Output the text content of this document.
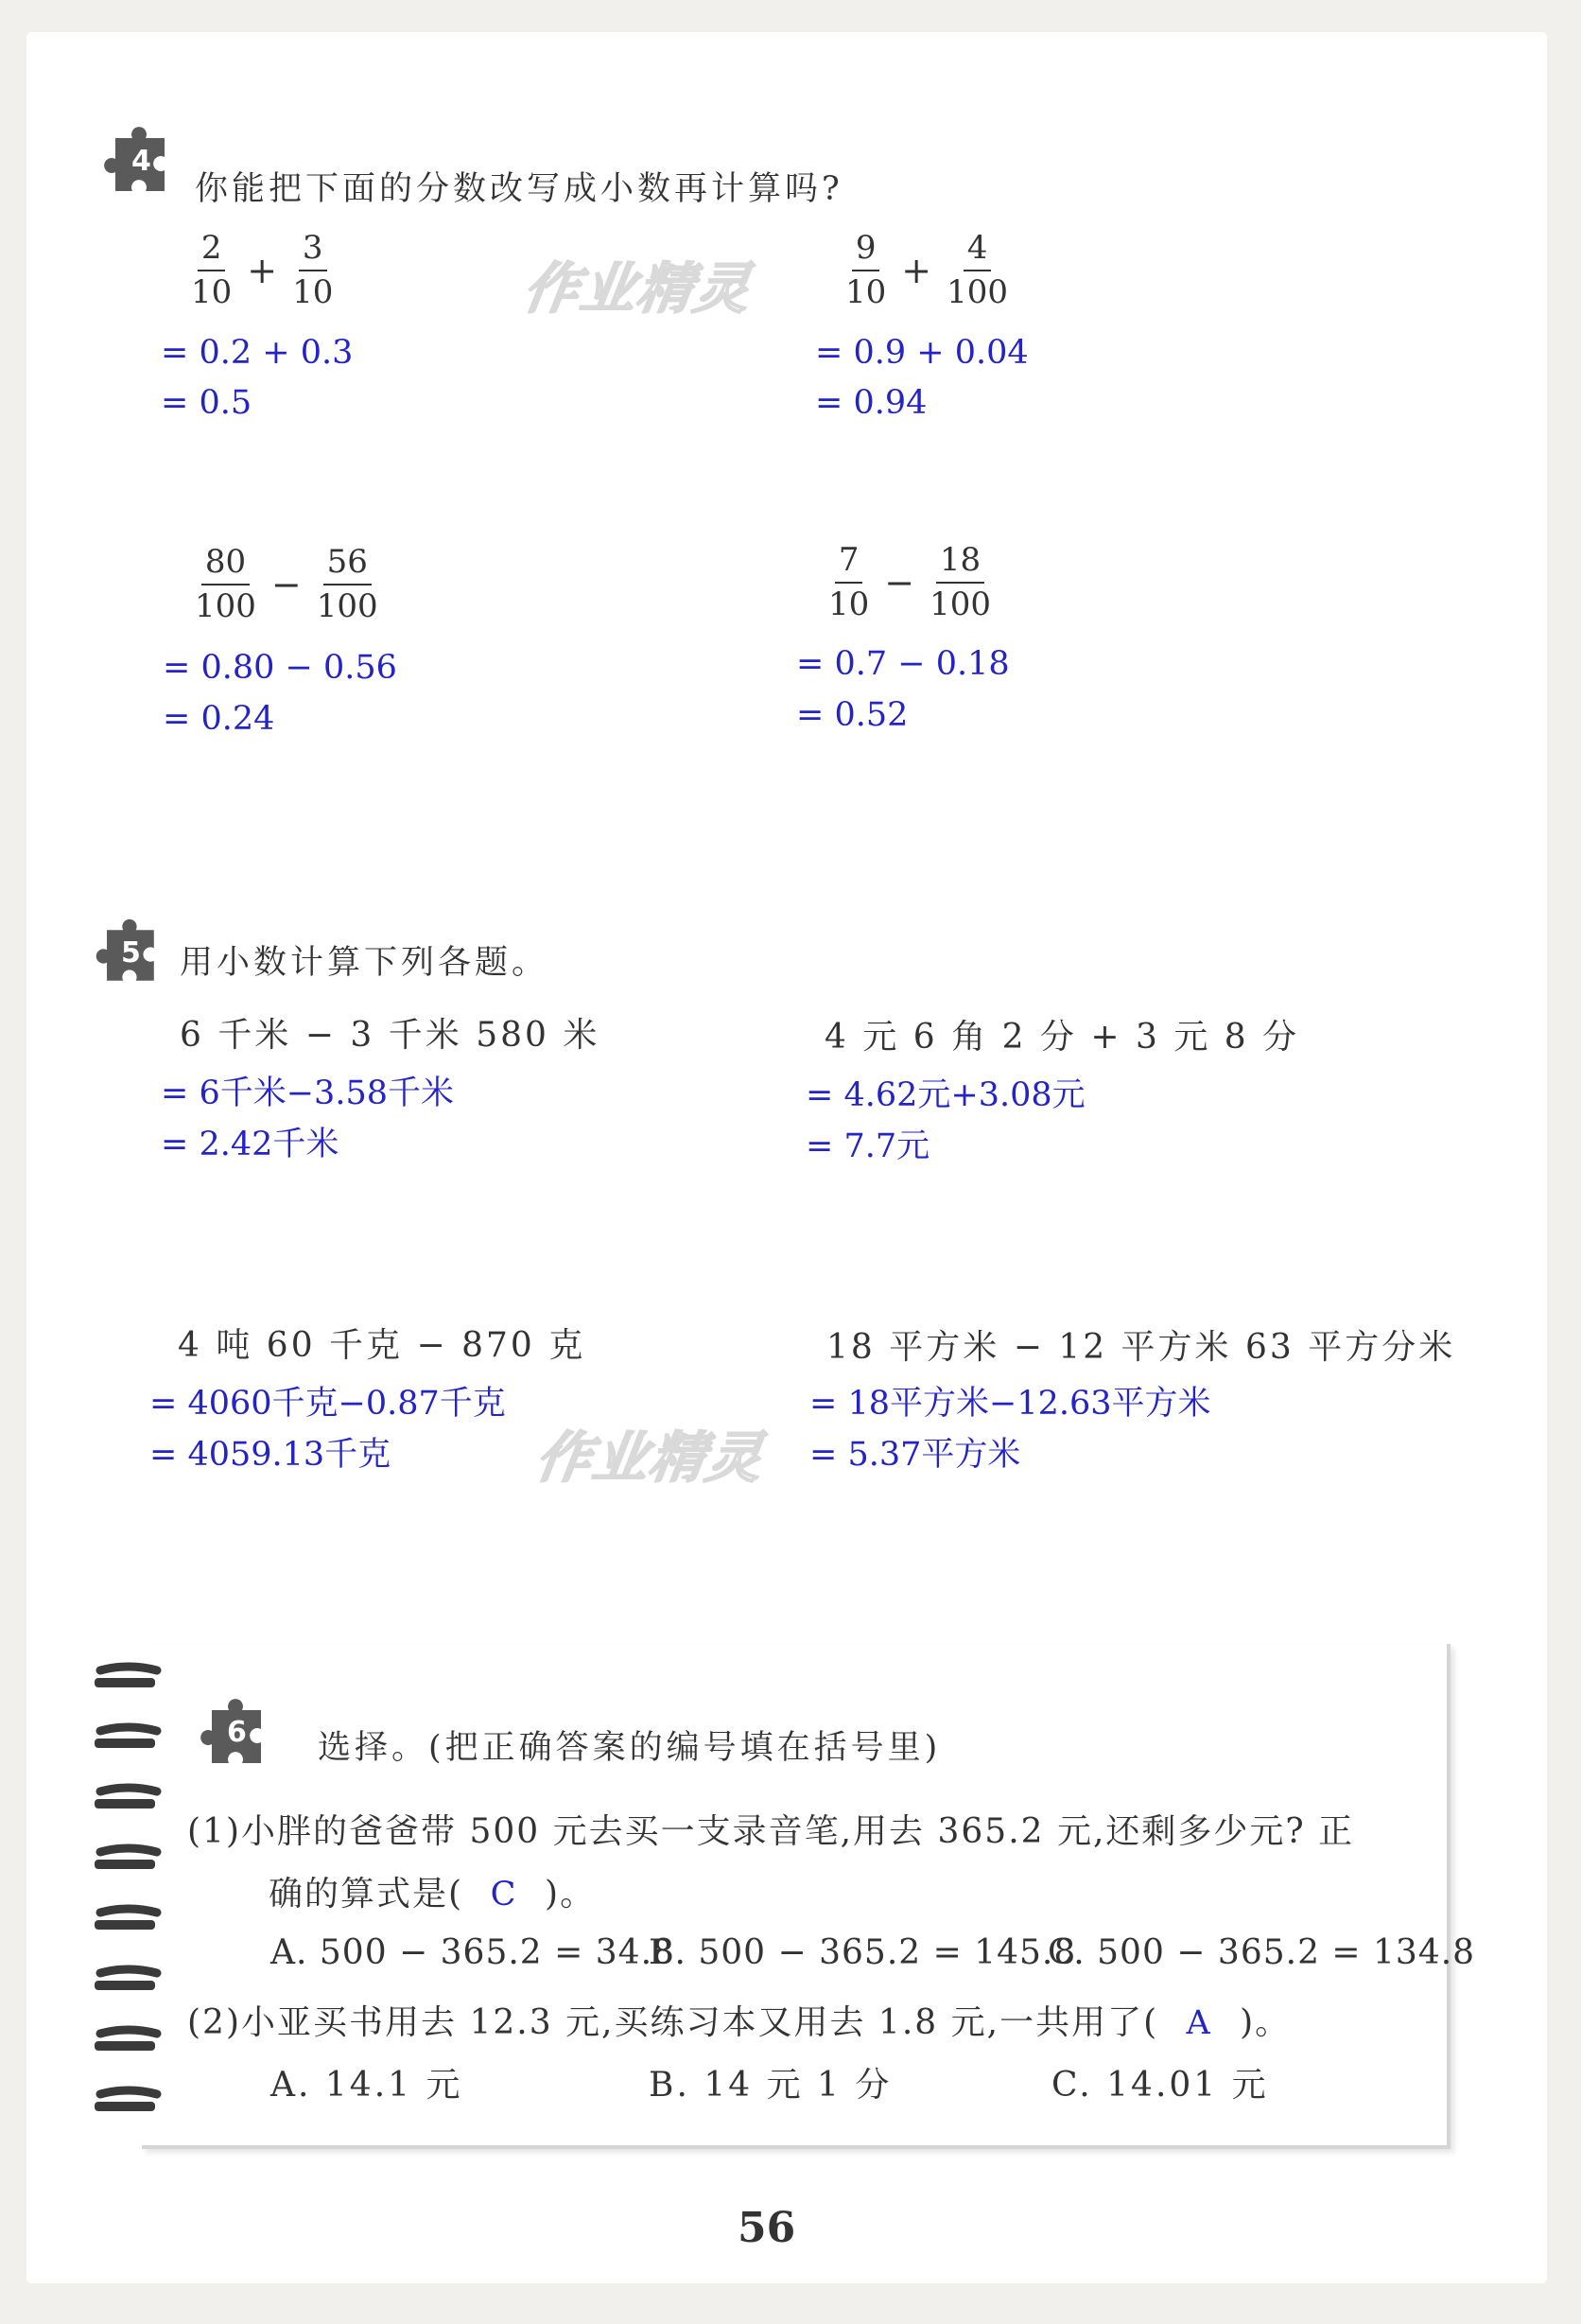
4
你能把下面的分数改写成小数再计算吗?
$\frac{2}{10} + \frac{3}{10}$
= 0.2 + 0.3
= 0.5
$\frac{9}{10} + \frac{4}{100}$
= 0.9 + 0.04
= 0.94
$\frac{80}{100} - \frac{56}{100}$
= 0.80 − 0.56
= 0.24
$\frac{7}{10} - \frac{18}{100}$
= 0.7 − 0.18
= 0.52
作业精灵
5 用小数计算下列各题。
6 千米 − 3 千米 580 米
= 6千米−3.58千米
= 2.42千米
4 元 6 角 2 分 + 3 元 8 分
= 4.62元+3.08元
= 7.7元
4 吨 60 千克 − 870 克
= 4060千克−0.87千克
= 4059.13千克
18 平方米 − 12 平方米 63 平方分米
= 18平方米−12.63平方米
= 5.37平方米
作业精灵
6 选择。(把正确答案的编号填在括号里)
(1)小胖的爸爸带 500 元去买一支录音笔,用去 365.2 元,还剩多少元? 正
确的算式是( C )。
A. 500 − 365.2 = 34.8
B. 500 − 365.2 = 145.8
C. 500 − 365.2 = 134.8
(2)小亚买书用去 12.3 元,买练习本又用去 1.8 元,一共用了( A )。
A. 14.1 元	B. 14 元 1 分	C. 14.01 元
56
